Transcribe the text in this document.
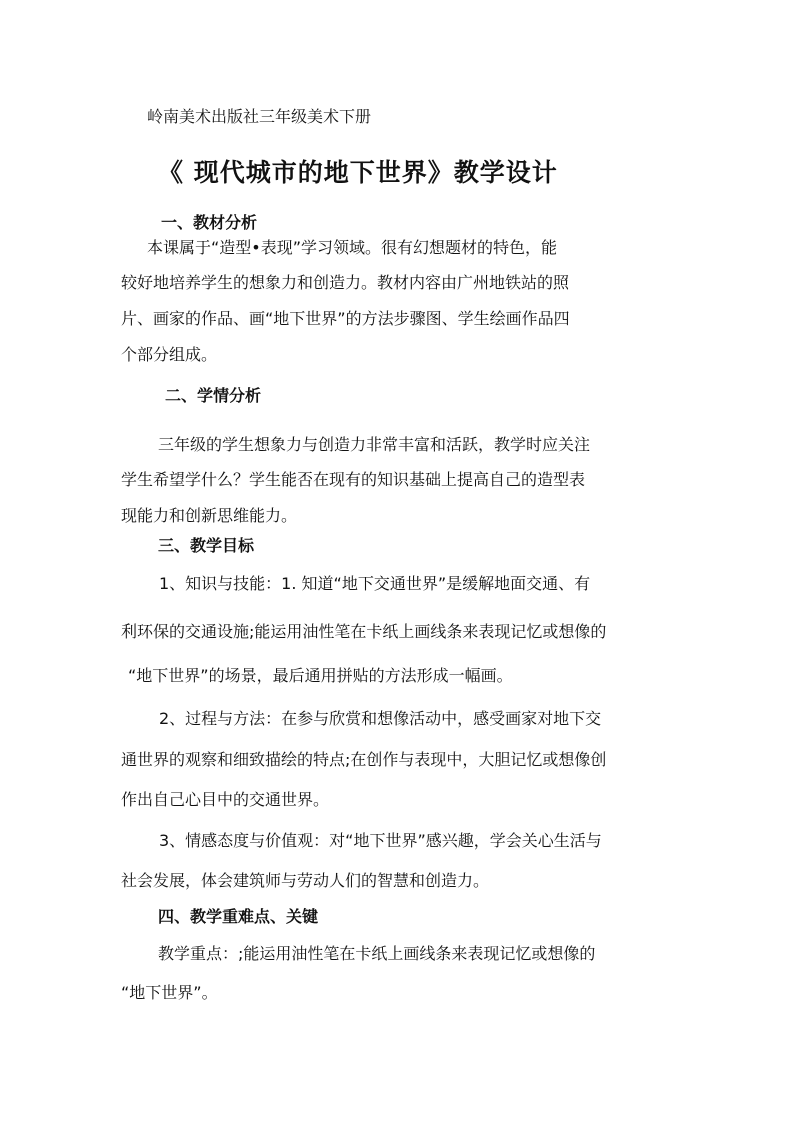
岭南美术出版社三年级美术下册
《 现代城市的地下世界》教学设计
一、教材分析
本课属于“造型•表现”学习领域。很有幻想题材的特色，能
较好地培养学生的想象力和创造力。教材内容由广州地铁站的照
片、画家的作品、画“地下世界”的方法步骤图、学生绘画作品四
个部分组成。
二、学情分析
三年级的学生想象力与创造力非常丰富和活跃，教学时应关注
学生希望学什么？学生能否在现有的知识基础上提高自己的造型表
现能力和创新思维能力。
三、教学目标
1、知识与技能：1. 知道“地下交通世界”是缓解地面交通、有
利环保的交通设施;能运用油性笔在卡纸上画线条来表现记忆或想像的
“地下世界”的场景，最后通用拼贴的方法形成一幅画。
2、过程与方法：在参与欣赏和想像活动中，感受画家对地下交
通世界的观察和细致描绘的特点;在创作与表现中，大胆记忆或想像创
作出自己心目中的交通世界。
3、情感态度与价值观：对“地下世界”感兴趣，学会关心生活与
社会发展，体会建筑师与劳动人们的智慧和创造力。
四、教学重难点、关键
教学重点：;能运用油性笔在卡纸上画线条来表现记忆或想像的
“地下世界”。
